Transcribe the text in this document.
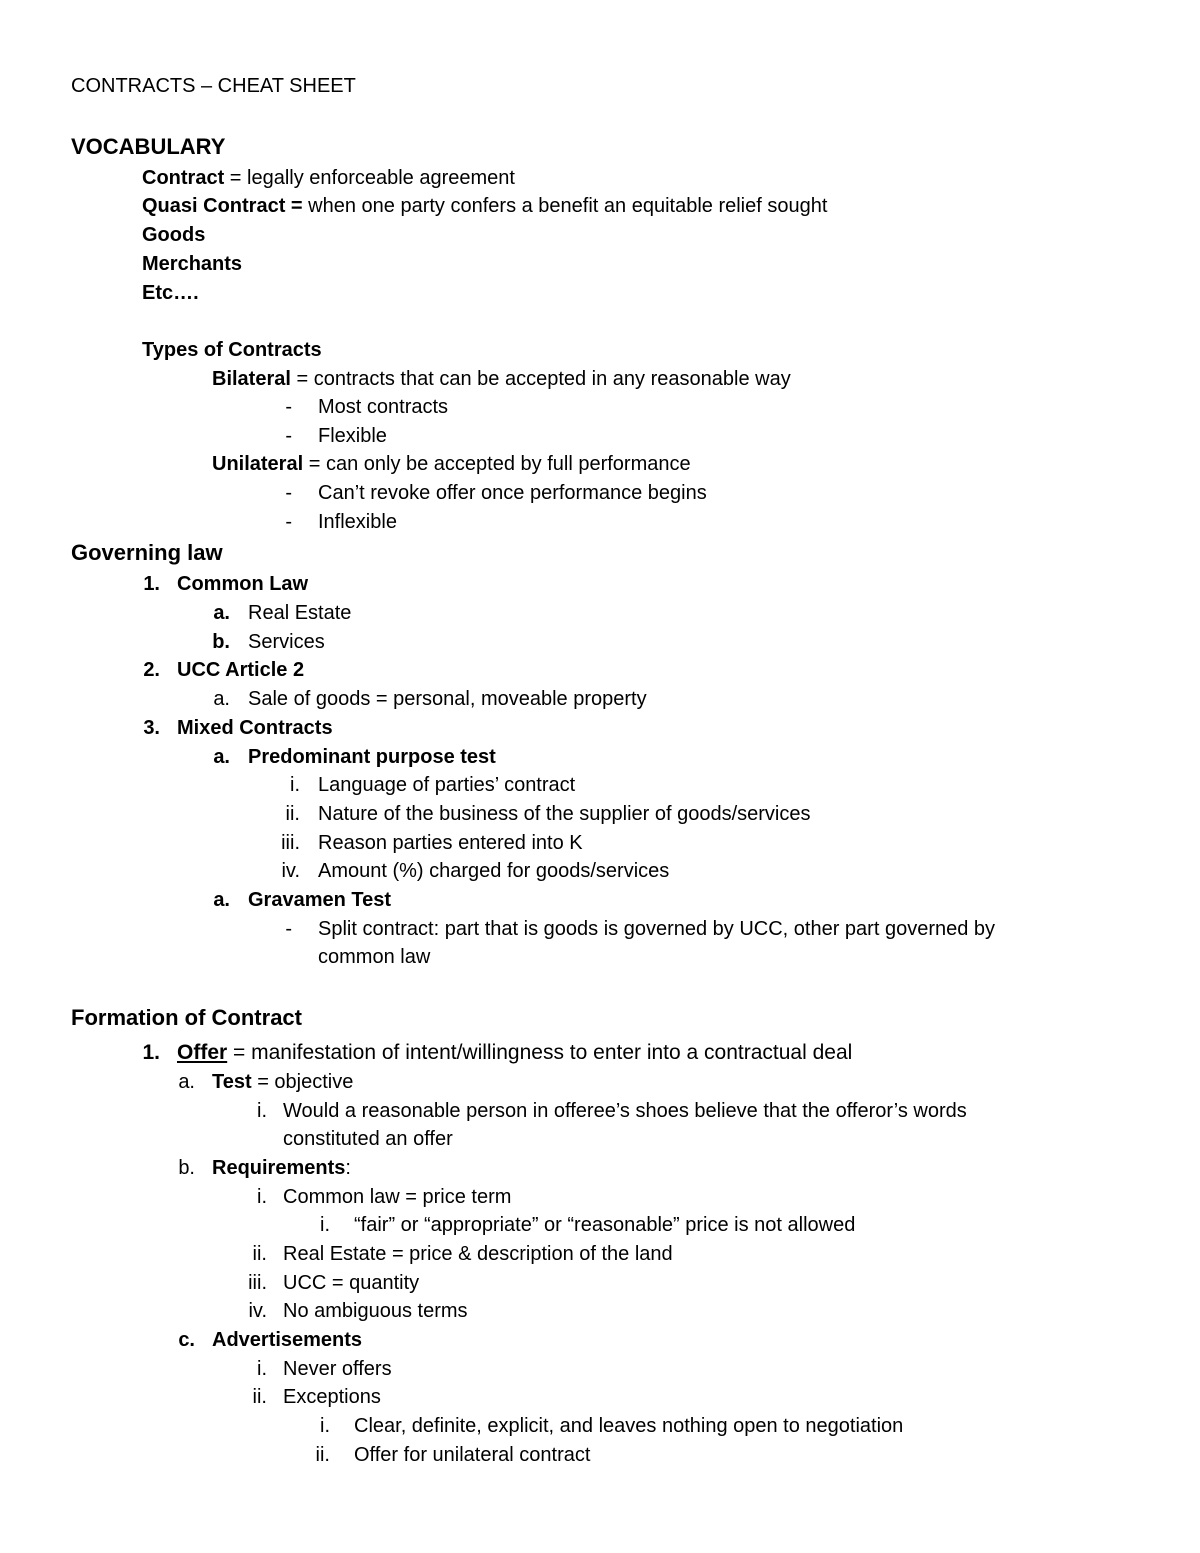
CONTRACTS – CHEAT SHEET
VOCABULARY
Contract = legally enforceable agreement
Quasi Contract = when one party confers a benefit an equitable relief sought
Goods
Merchants
Etc….
Types of Contracts
Bilateral = contracts that can be accepted in any reasonable way
- Most contracts
- Flexible
Unilateral = can only be accepted by full performance
- Can’t revoke offer once performance begins
- Inflexible
Governing law
1. Common Law
a. Real Estate
b. Services
2. UCC Article 2
a. Sale of goods = personal, moveable property
3. Mixed Contracts
a. Predominant purpose test
i. Language of parties’ contract
ii. Nature of the business of the supplier of goods/services
iii. Reason parties entered into K
iv. Amount (%) charged for goods/services
a. Gravamen Test
- Split contract: part that is goods is governed by UCC, other part governed by
common law
Formation of Contract
1. Offer = manifestation of intent/willingness to enter into a contractual deal
a. Test = objective
i. Would a reasonable person in offeree’s shoes believe that the offeror’s words
constituted an offer
b. Requirements:
i. Common law = price term
i. “fair” or “appropriate” or “reasonable” price is not allowed
ii. Real Estate = price & description of the land
iii. UCC = quantity
iv. No ambiguous terms
c. Advertisements
i. Never offers
ii. Exceptions
i. Clear, definite, explicit, and leaves nothing open to negotiation
ii. Offer for unilateral contract
